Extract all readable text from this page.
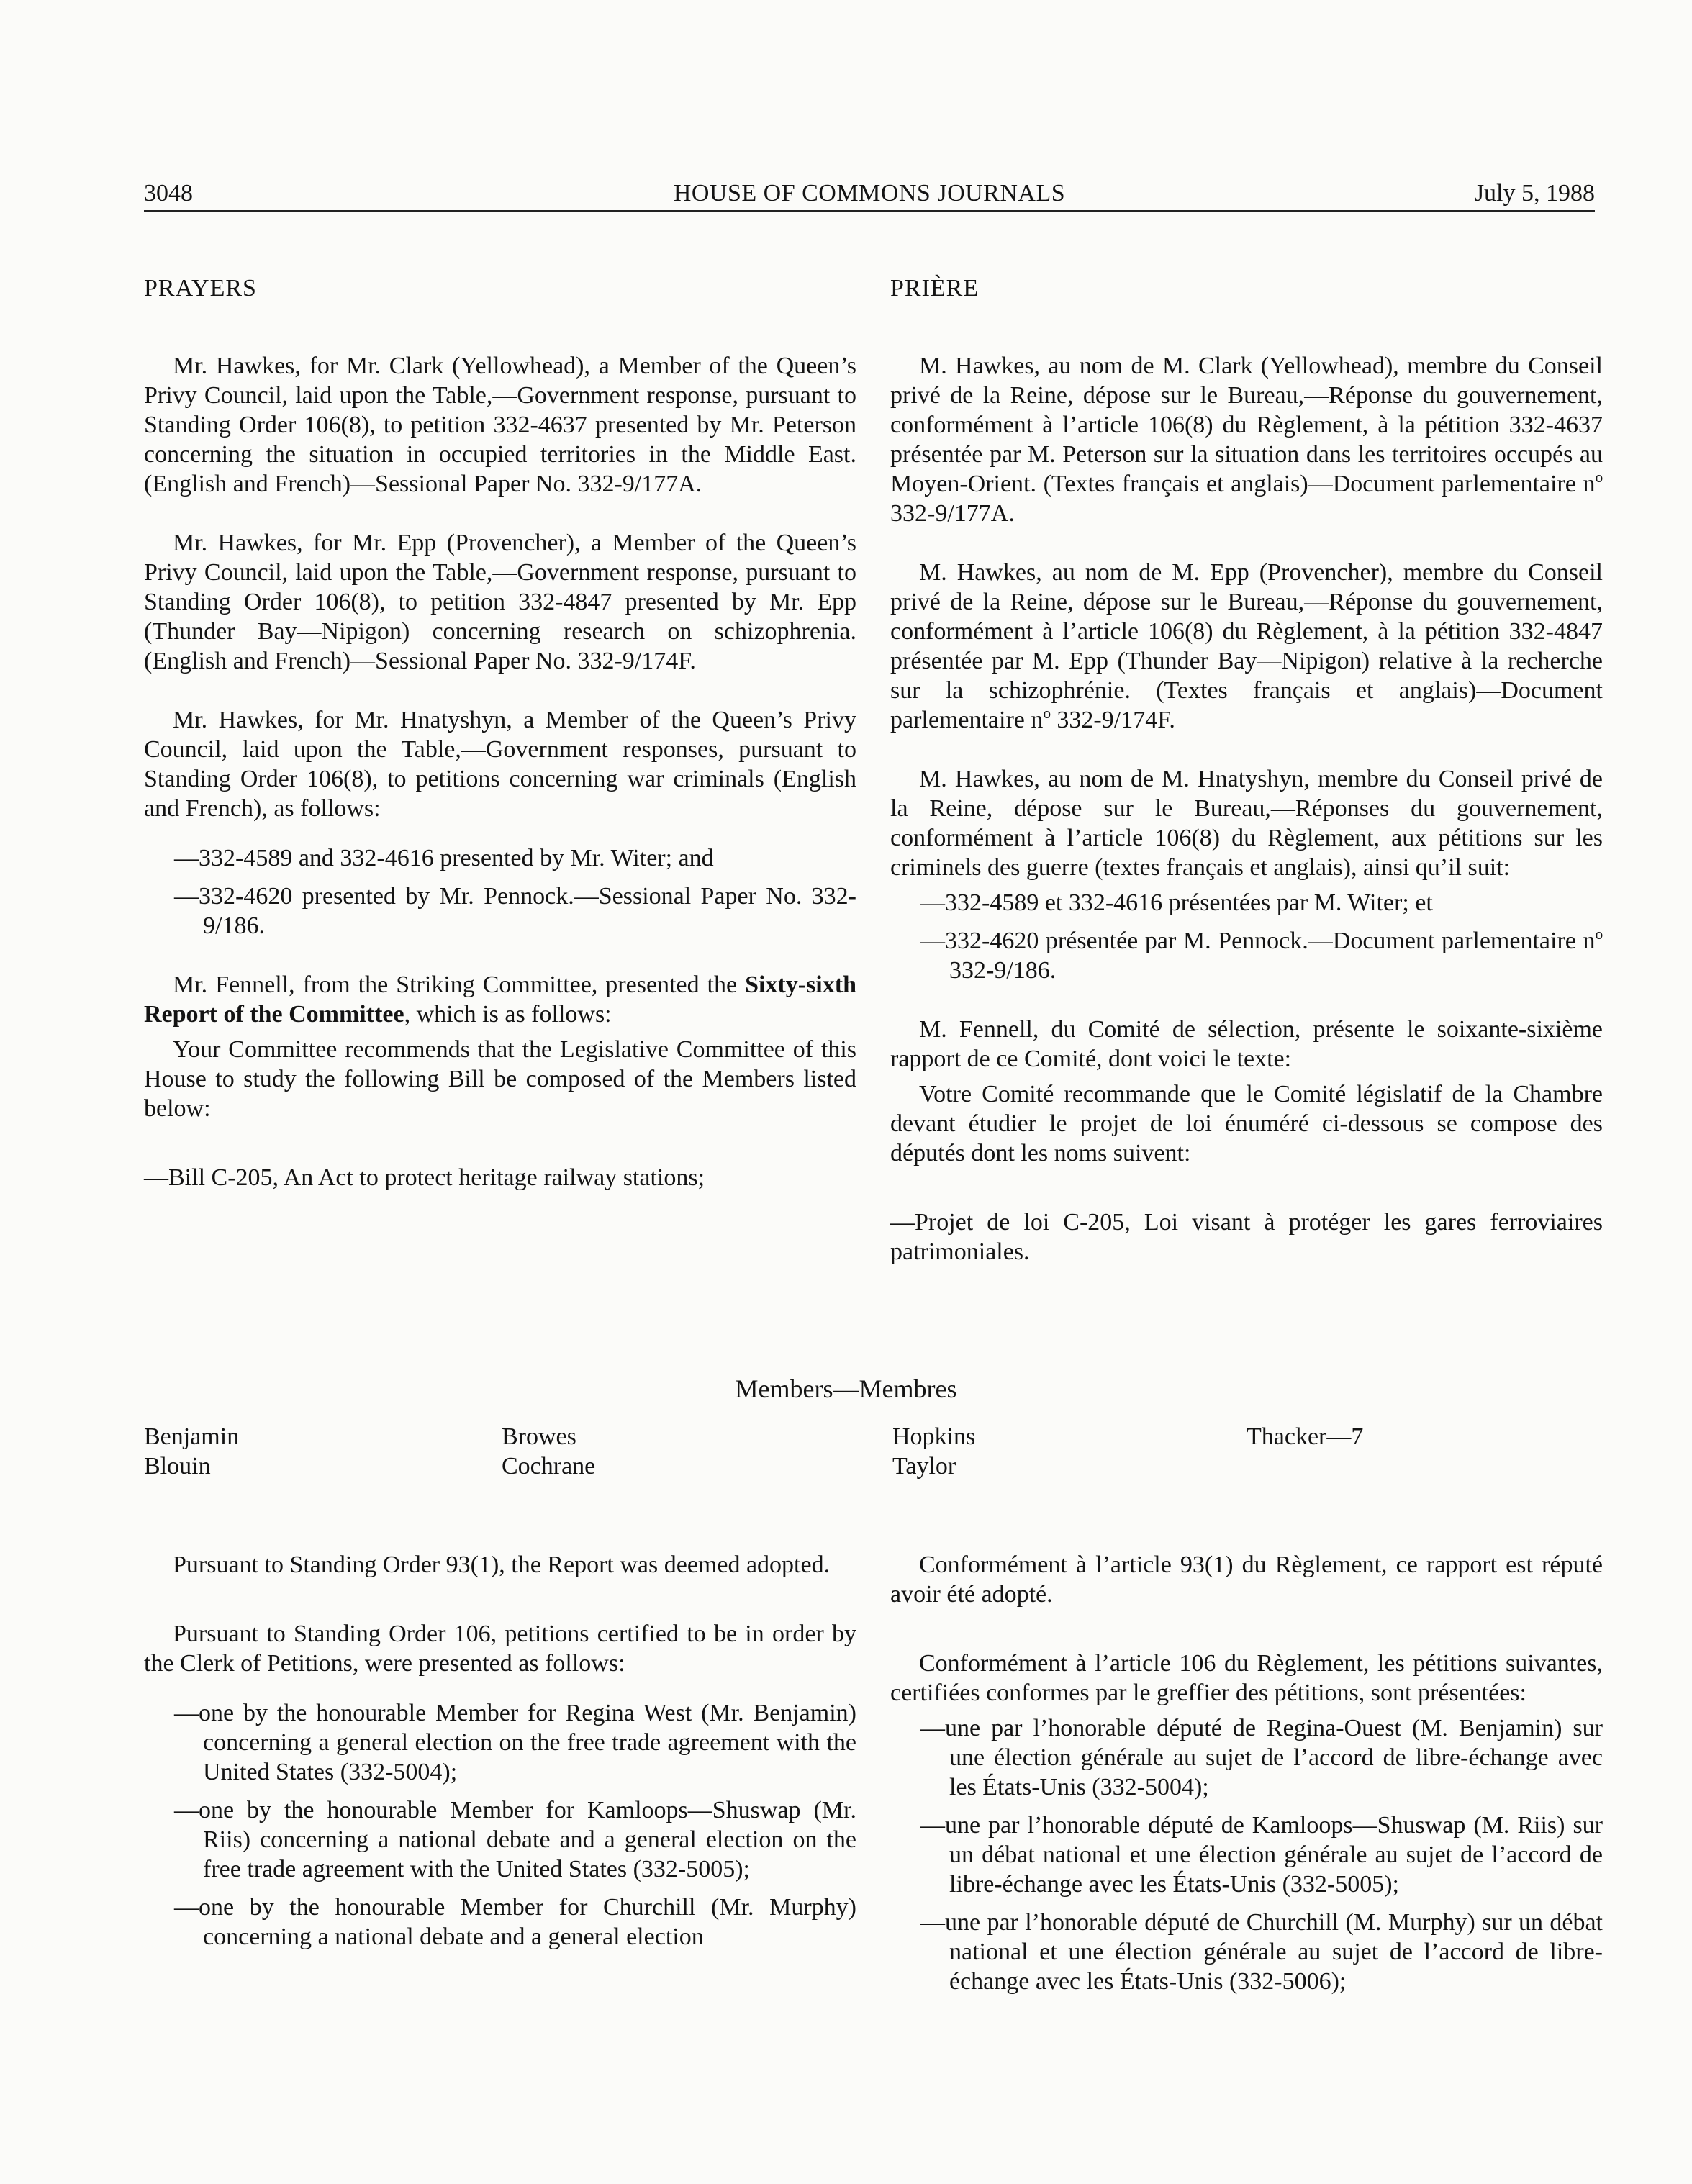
3048	HOUSE OF COMMONS JOURNALS	July 5, 1988
PRAYERS

Mr. Hawkes, for Mr. Clark (Yellowhead), a Member of the Queen’s Privy Council, laid upon the Table,—Government response, pursuant to Standing Order 106(8), to petition 332-4637 presented by Mr. Peterson concerning the situation in occupied territories in the Middle East. (English and French)—Sessional Paper No. 332-9/177A.

Mr. Hawkes, for Mr. Epp (Provencher), a Member of the Queen’s Privy Council, laid upon the Table,—Government response, pursuant to Standing Order 106(8), to petition 332-4847 presented by Mr. Epp (Thunder Bay—Nipigon) concerning research on schizophrenia. (English and French)—Sessional Paper No. 332-9/174F.

Mr. Hawkes, for Mr. Hnatyshyn, a Member of the Queen’s Privy Council, laid upon the Table,—Government responses, pursuant to Standing Order 106(8), to petitions concerning war criminals (English and French), as follows:

—332-4589 and 332-4616 presented by Mr. Witer; and

—332-4620 presented by Mr. Pennock.—Sessional Paper No. 332-9/186.

Mr. Fennell, from the Striking Committee, presented the Sixty-sixth Report of the Committee, which is as follows:

Your Committee recommends that the Legislative Committee of this House to study the following Bill be composed of the Members listed below:

—Bill C-205, An Act to protect heritage railway stations;

PRIÈRE

M. Hawkes, au nom de M. Clark (Yellowhead), membre du Conseil privé de la Reine, dépose sur le Bureau,—Réponse du gouvernement, conformément à l’article 106(8) du Règlement, à la pétition 332-4637 présentée par M. Peterson sur la situation dans les territoires occupés au Moyen-Orient. (Textes français et anglais)—Document parlementaire nº 332-9/177A.

M. Hawkes, au nom de M. Epp (Provencher), membre du Conseil privé de la Reine, dépose sur le Bureau,—Réponse du gouvernement, conformément à l’article 106(8) du Règlement, à la pétition 332-4847 présentée par M. Epp (Thunder Bay—Nipigon) relative à la recherche sur la schizophrénie. (Textes français et anglais)—Document parlementaire nº 332-9/174F.

M. Hawkes, au nom de M. Hnatyshyn, membre du Conseil privé de la Reine, dépose sur le Bureau,—Réponses du gouvernement, conformément à l’article 106(8) du Règlement, aux pétitions sur les criminels des guerre (textes français et anglais), ainsi qu’il suit:

—332-4589 et 332-4616 présentées par M. Witer; et

—332-4620 présentée par M. Pennock.—Document parlementaire nº 332-9/186.

M. Fennell, du Comité de sélection, présente le soixante-sixième rapport de ce Comité, dont voici le texte:

Votre Comité recommande que le Comité législatif de la Chambre devant étudier le projet de loi énuméré ci-dessous se compose des députés dont les noms suivent:

—Projet de loi C-205, Loi visant à protéger les gares ferroviaires patrimoniales.

Members—Membres
Benjamin
Blouin
Browes
Cochrane
Hopkins
Taylor
Thacker—7

Pursuant to Standing Order 93(1), the Report was deemed adopted.

Pursuant to Standing Order 106, petitions certified to be in order by the Clerk of Petitions, were presented as follows:

—one by the honourable Member for Regina West (Mr. Benjamin) concerning a general election on the free trade agreement with the United States (332-5004);

—one by the honourable Member for Kamloops—Shuswap (Mr. Riis) concerning a national debate and a general election on the free trade agreement with the United States (332-5005);

—one by the honourable Member for Churchill (Mr. Murphy) concerning a national debate and a general election

Conformément à l’article 93(1) du Règlement, ce rapport est réputé avoir été adopté.

Conformément à l’article 106 du Règlement, les pétitions suivantes, certifiées conformes par le greffier des pétitions, sont présentées:

—une par l’honorable député de Regina-Ouest (M. Benjamin) sur une élection générale au sujet de l’accord de libre-échange avec les États-Unis (332-5004);

—une par l’honorable député de Kamloops—Shuswap (M. Riis) sur un débat national et une élection générale au sujet de l’accord de libre-échange avec les États-Unis (332-5005);

—une par l’honorable député de Churchill (M. Murphy) sur un débat national et une élection générale au sujet de l’accord de libre-échange avec les États-Unis (332-5006);
